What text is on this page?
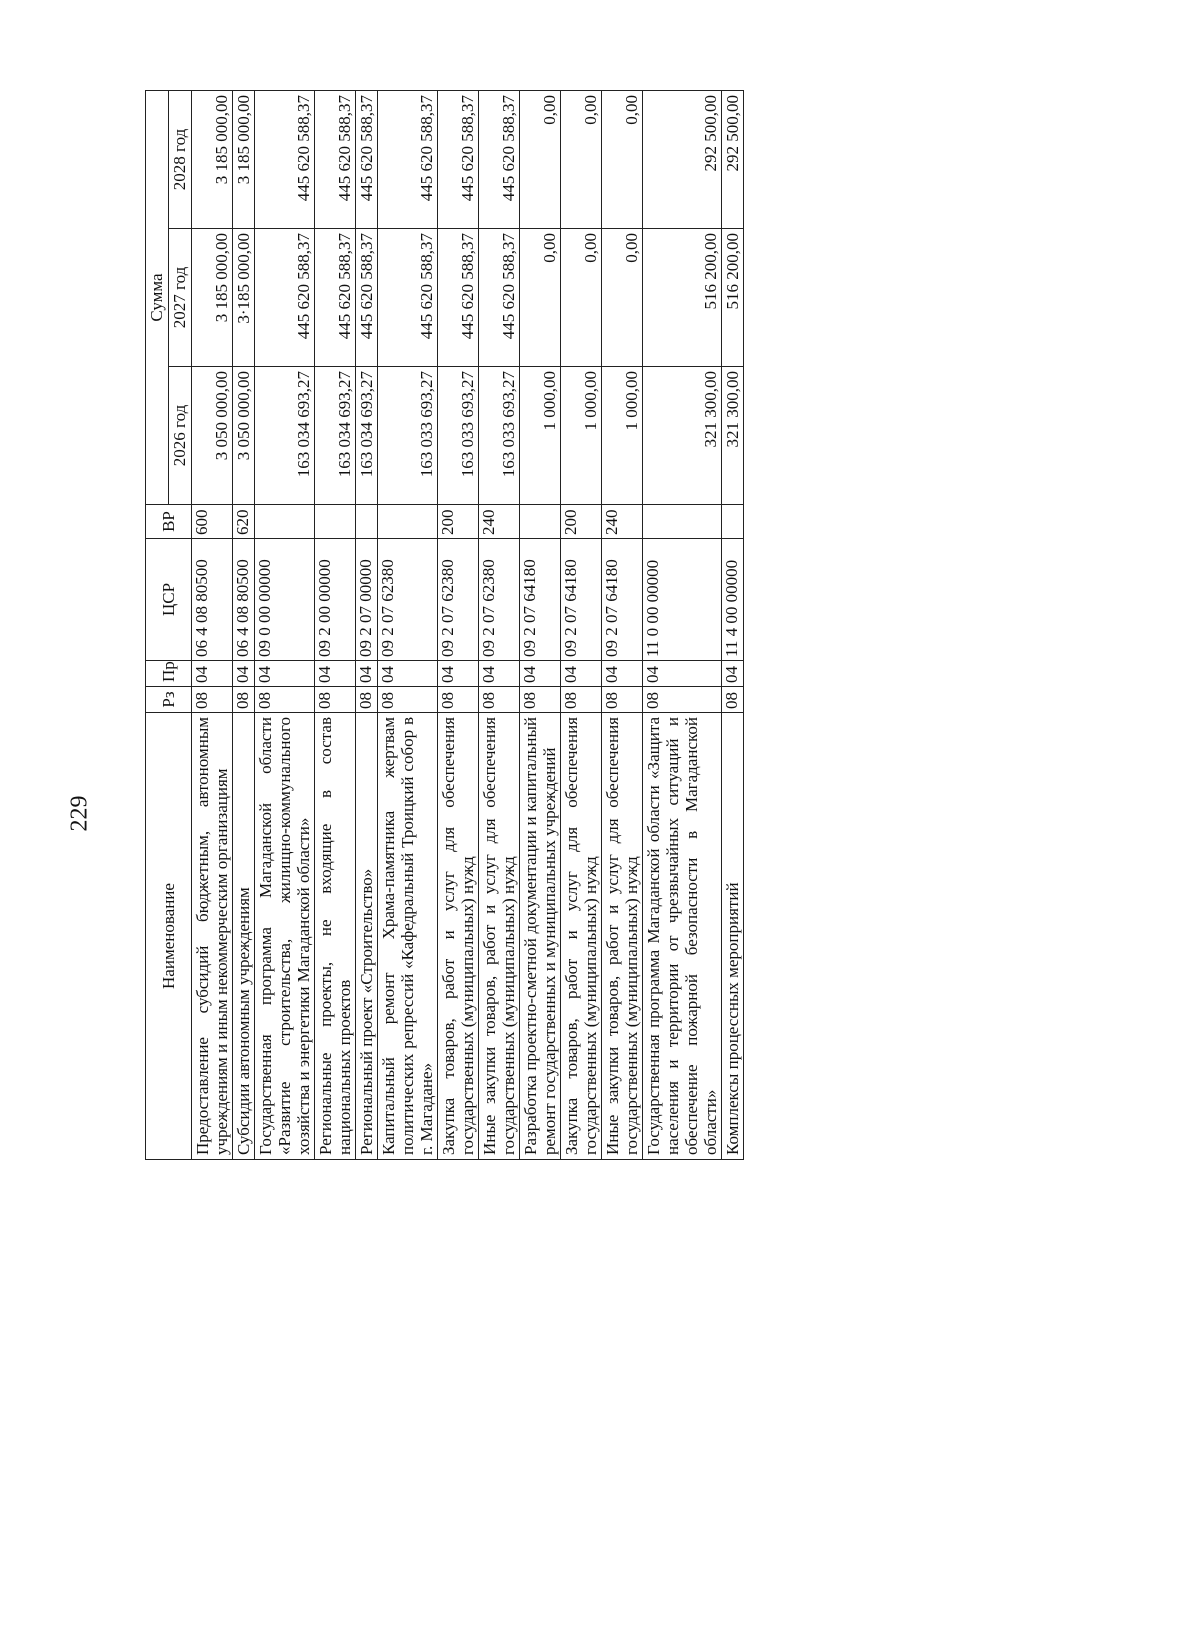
229
Наименование	Рз	Пр	ЦСР	ВР	Сумма		
					2026 год	2027 год	2028 год
Предоставление субсидий бюджетным, автономным учреждениям и иным некоммерческим организациям	08	04	06 4 08 80500	600	3 050 000,00	3 185 000,00	3 185 000,00
Субсидии автономным учреждениям	08	04	06 4 08 80500	620	3 050 000,00	3·185 000,00	3 185 000,00
Государственная программа Магаданской области «Развитие строительства, жилищно-коммунального хозяйства и энергетики Магаданской области»	08	04	09 0 00 00000		163 034 693,27	445 620 588,37	445 620 588,37
Региональные проекты, не входящие в состав национальных проектов	08	04	09 2 00 00000		163 034 693,27	445 620 588,37	445 620 588,37
Региональный проект «Строительство»	08	04	09 2 07 00000		163 034 693,27	445 620 588,37	445 620 588,37
Капитальный ремонт Храма-памятника жертвам политических репрессий «Кафедральный Троицкий собор в г. Магадане»	08	04	09 2 07 62380		163 033 693,27	445 620 588,37	445 620 588,37
Закупка товаров, работ и услуг для обеспечения государственных (муниципальных) нужд	08	04	09 2 07 62380	200	163 033 693,27	445 620 588,37	445 620 588,37
Иные закупки товаров, работ и услуг для обеспечения государственных (муниципальных) нужд	08	04	09 2 07 62380	240	163 033 693,27	445 620 588,37	445 620 588,37
Разработка проектно-сметной документации и капитальный ремонт государственных и муниципальных учреждений	08	04	09 2 07 64180		1 000,00	0,00	0,00
Закупка товаров, работ и услуг для обеспечения государственных (муниципальных) нужд	08	04	09 2 07 64180	200	1 000,00	0,00	0,00
Иные закупки товаров, работ и услуг для обеспечения государственных (муниципальных) нужд	08	04	09 2 07 64180	240	1 000,00	0,00	0,00
Государственная программа Магаданской области «Защита населения и территории от чрезвычайных ситуаций и обеспечение пожарной безопасности в Магаданской области»	08	04	11 0 00 00000		321 300,00	516 200,00	292 500,00
Комплексы процессных мероприятий	08	04	11 4 00 00000		321 300,00	516 200,00	292 500,00
